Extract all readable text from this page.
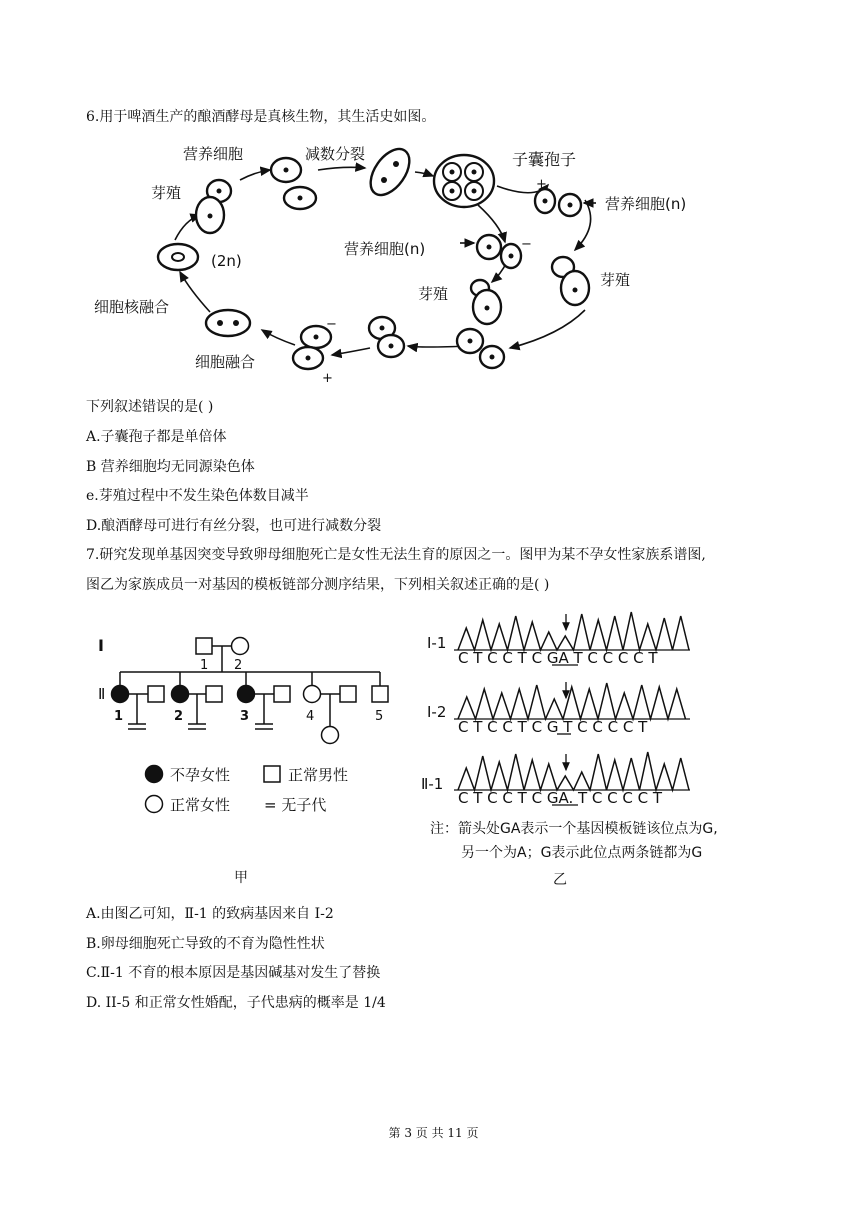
6.用于啤酒生产的酿酒酵母是真核生物，其生活史如图。
营养细胞	减数分裂	子囊孢子
营养细胞(n)
芽殖
(2n)
营养细胞(n)
芽殖
芽殖
细胞核融合
细胞融合
+
−
−
+
下列叙述错误的是( )
A.子囊孢子都是单倍体
B 营养细胞均无同源染色体
e.芽殖过程中不发生染色体数目减半
D.酿酒酵母可进行有丝分裂，也可进行减数分裂
7.研究发现单基因突变导致卵母细胞死亡是女性无法生育的原因之一。图甲为某不孕女性家族系谱图,
图乙为家族成员一对基因的模板链部分测序结果，下列相关叙述正确的是( )
I
Ⅱ
1 2
1	2	3	4	5
不孕女性	正常男性
正常女性 = 无子代
甲
I-1
I-2
Ⅱ-1
C T C C T C GA T C C C C T
C T C C T C G T C C C C T
C T C C T C GA. T C C C C T
注：箭头处GA表示一个基因模板链该位点为G,
另一个为A；G表示此位点两条链都为G
乙
A.由图乙可知，Ⅱ-1 的致病基因来自 I-2
B.卵母细胞死亡导致的不育为隐性性状
C.Ⅱ-1 不育的根本原因是基因碱基对发生了替换
D. II-5 和正常女性婚配，子代患病的概率是 1/4
第 3 页 共 11 页
